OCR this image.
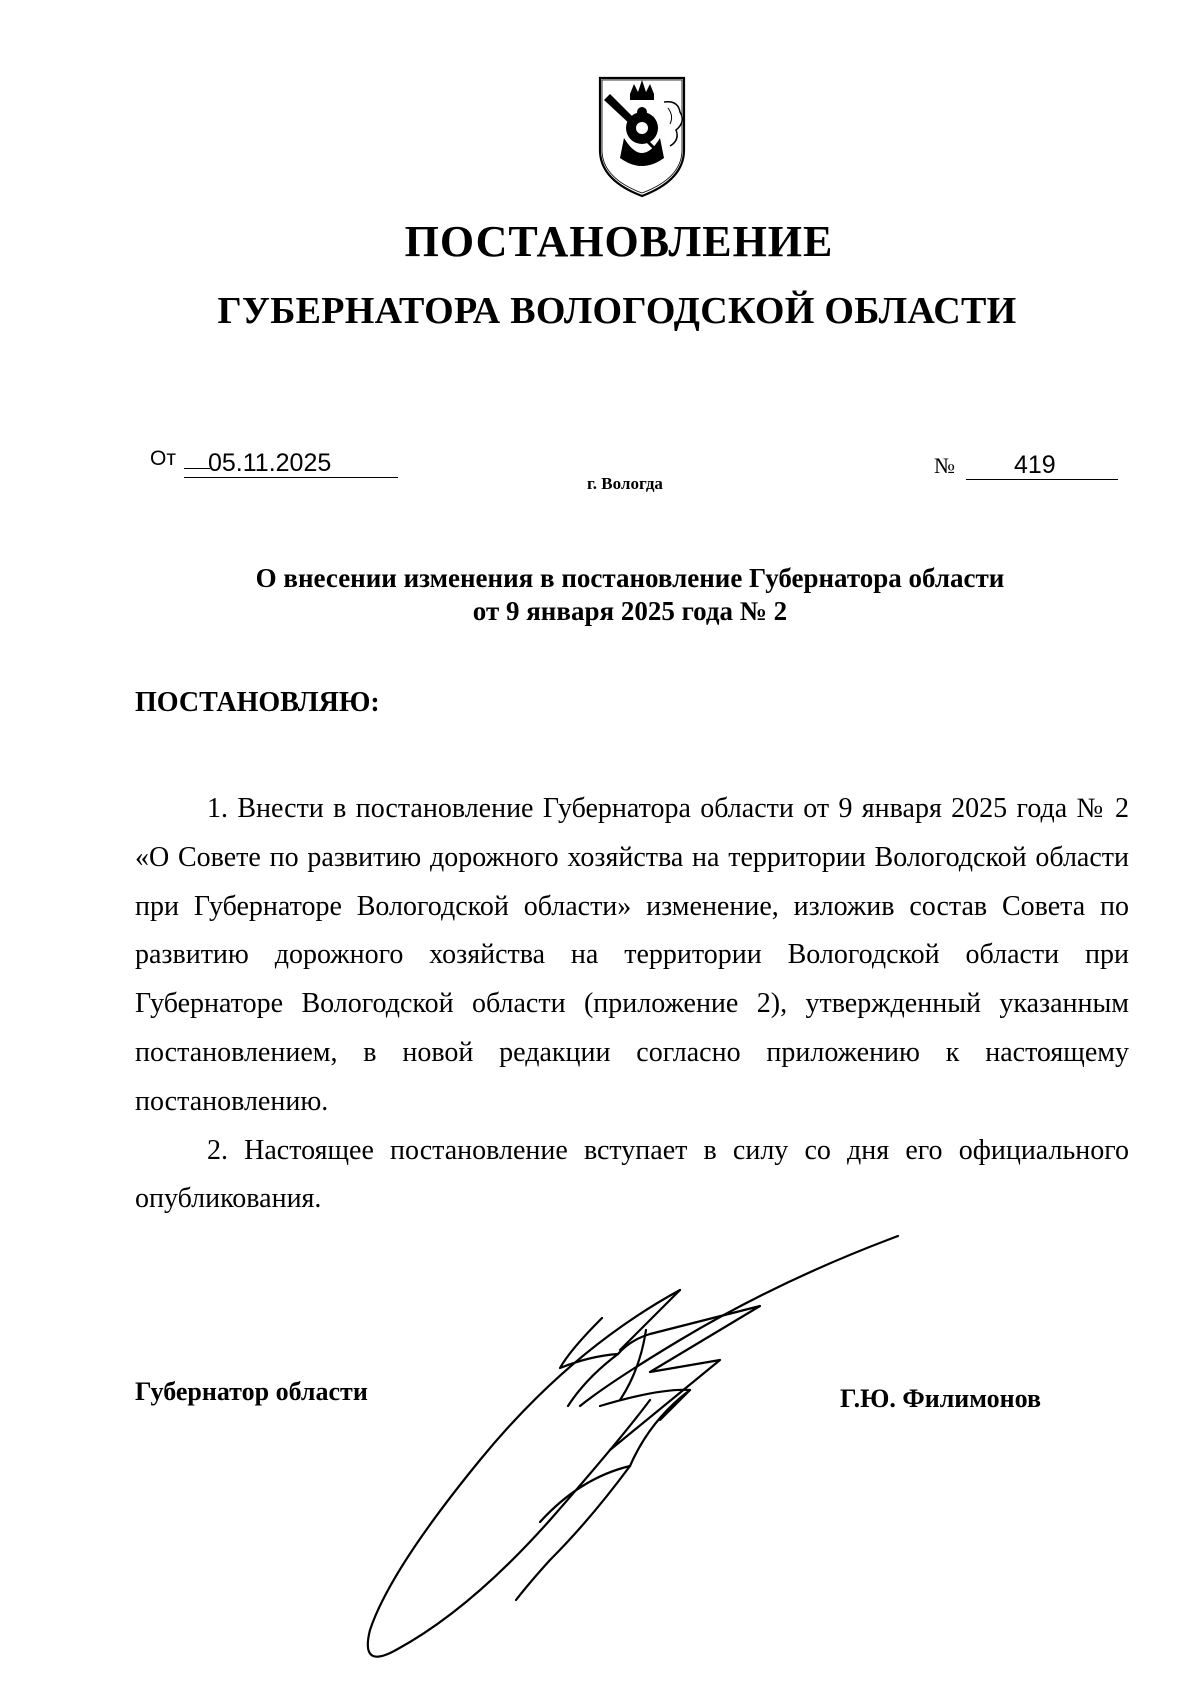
ПОСТАНОВЛЕНИЕ
ГУБЕРНАТОРА ВОЛОГОДСКОЙ ОБЛАСТИ
От	05.11.2025
г. Вологда
№	419
О внесении изменения в постановление Губернатора области
от 9 января 2025 года № 2

ПОСТАНОВЛЯЮ:

1. Внести в постановление Губернатора области от 9 января 2025 года № 2 «О Совете по развитию дорожного хозяйства на территории Вологодской области при Губернаторе Вологодской области» изменение, изложив состав Совета по развитию дорожного хозяйства на территории Вологодской области при Губернаторе Вологодской области (приложение 2), утвержденный указанным постановлением, в новой редакции согласно приложению к настоящему постановлению.

2. Настоящее постановление вступает в силу со дня его официального опубликования.

Губернатор области	Г.Ю. Филимонов
